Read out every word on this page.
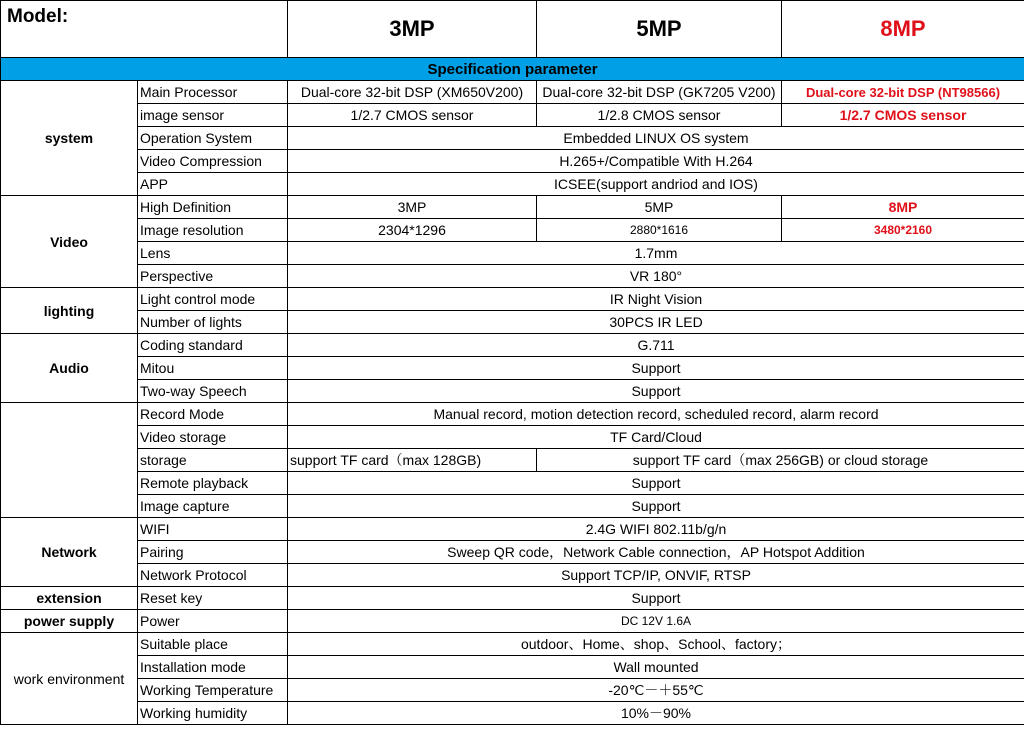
Model:		3MP	5MP	8MP
Specification parameter				
system	Main Processor	Dual-core 32-bit DSP (XM650V200)	Dual-core 32-bit DSP (GK7205 V200)	Dual-core 32-bit DSP (NT98566)
	image sensor	1/2.7 CMOS sensor	1/2.8 CMOS sensor	1/2.7 CMOS sensor
	Operation System	Embedded LINUX OS system		
	Video Compression	H.265+/Compatible With H.264		
	APP	ICSEE(support andriod and IOS)		
Video	High Definition	3MP	5MP	8MP
	Image resolution	2304*1296	2880*1616	3480*2160
	Lens	1.7mm		
	Perspective	VR 180°		
lighting	Light control mode	IR Night Vision		
	Number of lights	30PCS IR LED		
Audio	Coding standard	G.711		
	Mitou	Support		
	Two-way Speech	Support		
	Record Mode	Manual record, motion detection record, scheduled record, alarm record		
	Video storage	TF Card/Cloud		
	storage	support TF card（max 128GB)	support TF card（max 256GB) or cloud storage	
	Remote playback	Support		
	Image capture	Support		
Network	WIFI	2.4G WIFI 802.11b/g/n		
	Pairing	Sweep QR code，Network Cable connection，AP Hotspot Addition		
	Network Protocol	Support TCP/IP, ONVIF, RTSP		
extension	Reset key	Support		
power supply	Power	DC 12V 1.6A		
work environment	Suitable place	outdoor、Home、shop、School、factory；		
	Installation mode	Wall mounted		
	Working Temperature	-20℃－＋55℃		
	Working humidity	10%－90%		
